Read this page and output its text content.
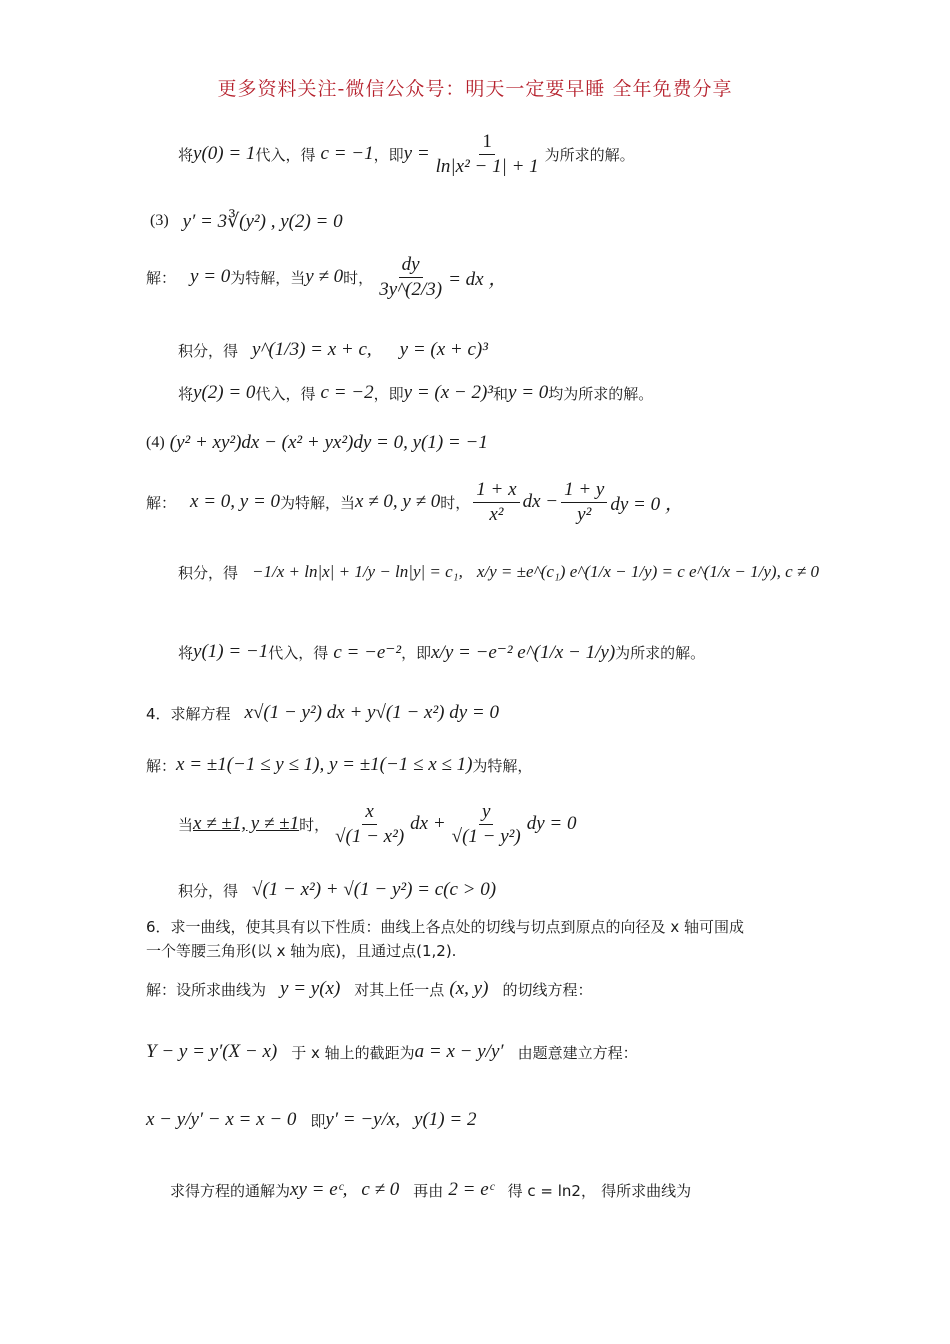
更多资料关注-微信公众号：明天一定要早睡 全年免费分享
将 y(0) = 1 代入，得
c = −1 ，即 $y = \frac{1}{\text{ln|x² − 1| + 1}}$ 为所求的解。
(3) y′ = 3∛(y²) , y(2) = 0
解： y = 0 为特解，当 y ≠ 0 时， $\frac{dy}{3y\^{}(2/3)}$ = dx ，
积分，得 y^(1/3) = x + c, y = (x + c)³
将 y(2) = 0 代入，得
c = −2 ，即 y = (x − 2)³ 和 y = 0 均为所求的解。
(4)
(y² + xy²)dx − (x² + yx²)dy = 0, y(1) = −1
解： x = 0, y = 0 为特解，当 x ≠ 0, y ≠ 0 时， $\frac{1 + x}{\text{x²}}$ dx − $\frac{1 + y}{\text{y²}}$ dy = 0 ，
积分，得 −1/x + ln|x| + 1/y − ln|y| = c₁, x/y = ±e^(c₁) e^(1/x − 1/y) = c e^(1/x − 1/y), c ≠ 0
将 y(1) = −1 代入，得
c = −e⁻² ，即 x/y = −e⁻² e^(1/x − 1/y) 为所求的解。
4．求解方程 x√(1 − y²) dx + y√(1 − x²) dy = 0
解： x = ±1(−1 ≤ y ≤ 1), y = ±1(−1 ≤ x ≤ 1) 为特解，
当 x ≠ ±1, y ≠ ±1 时， $\frac{x}{\text{√(1 − x²)}}$ dx + $\frac{y}{\text{√(1 − y²)}}$ dy = 0
积分，得 √(1 − x²) + √(1 − y²) = c(c > 0)
6．求一曲线，使其具有以下性质：曲线上各点处的切线与切点到原点的向径及 x 轴可围成
一个等腰三角形(以 x 轴为底)，且通过点(1,2).
解：设所求曲线为 y = y(x) 对其上任一点
(x, y) 的切线方程：
Y − y = y′(X − x) 于 x 轴上的截距为 a = x − y/y′ 由题意建立方程：
x − y/y′ − x = x − 0 即 y′ = −y/x, y(1) = 2
求得方程的通解为 xy = eᶜ, c ≠ 0 再由
2 = eᶜ 得 c = ln2，
得所求曲线为
